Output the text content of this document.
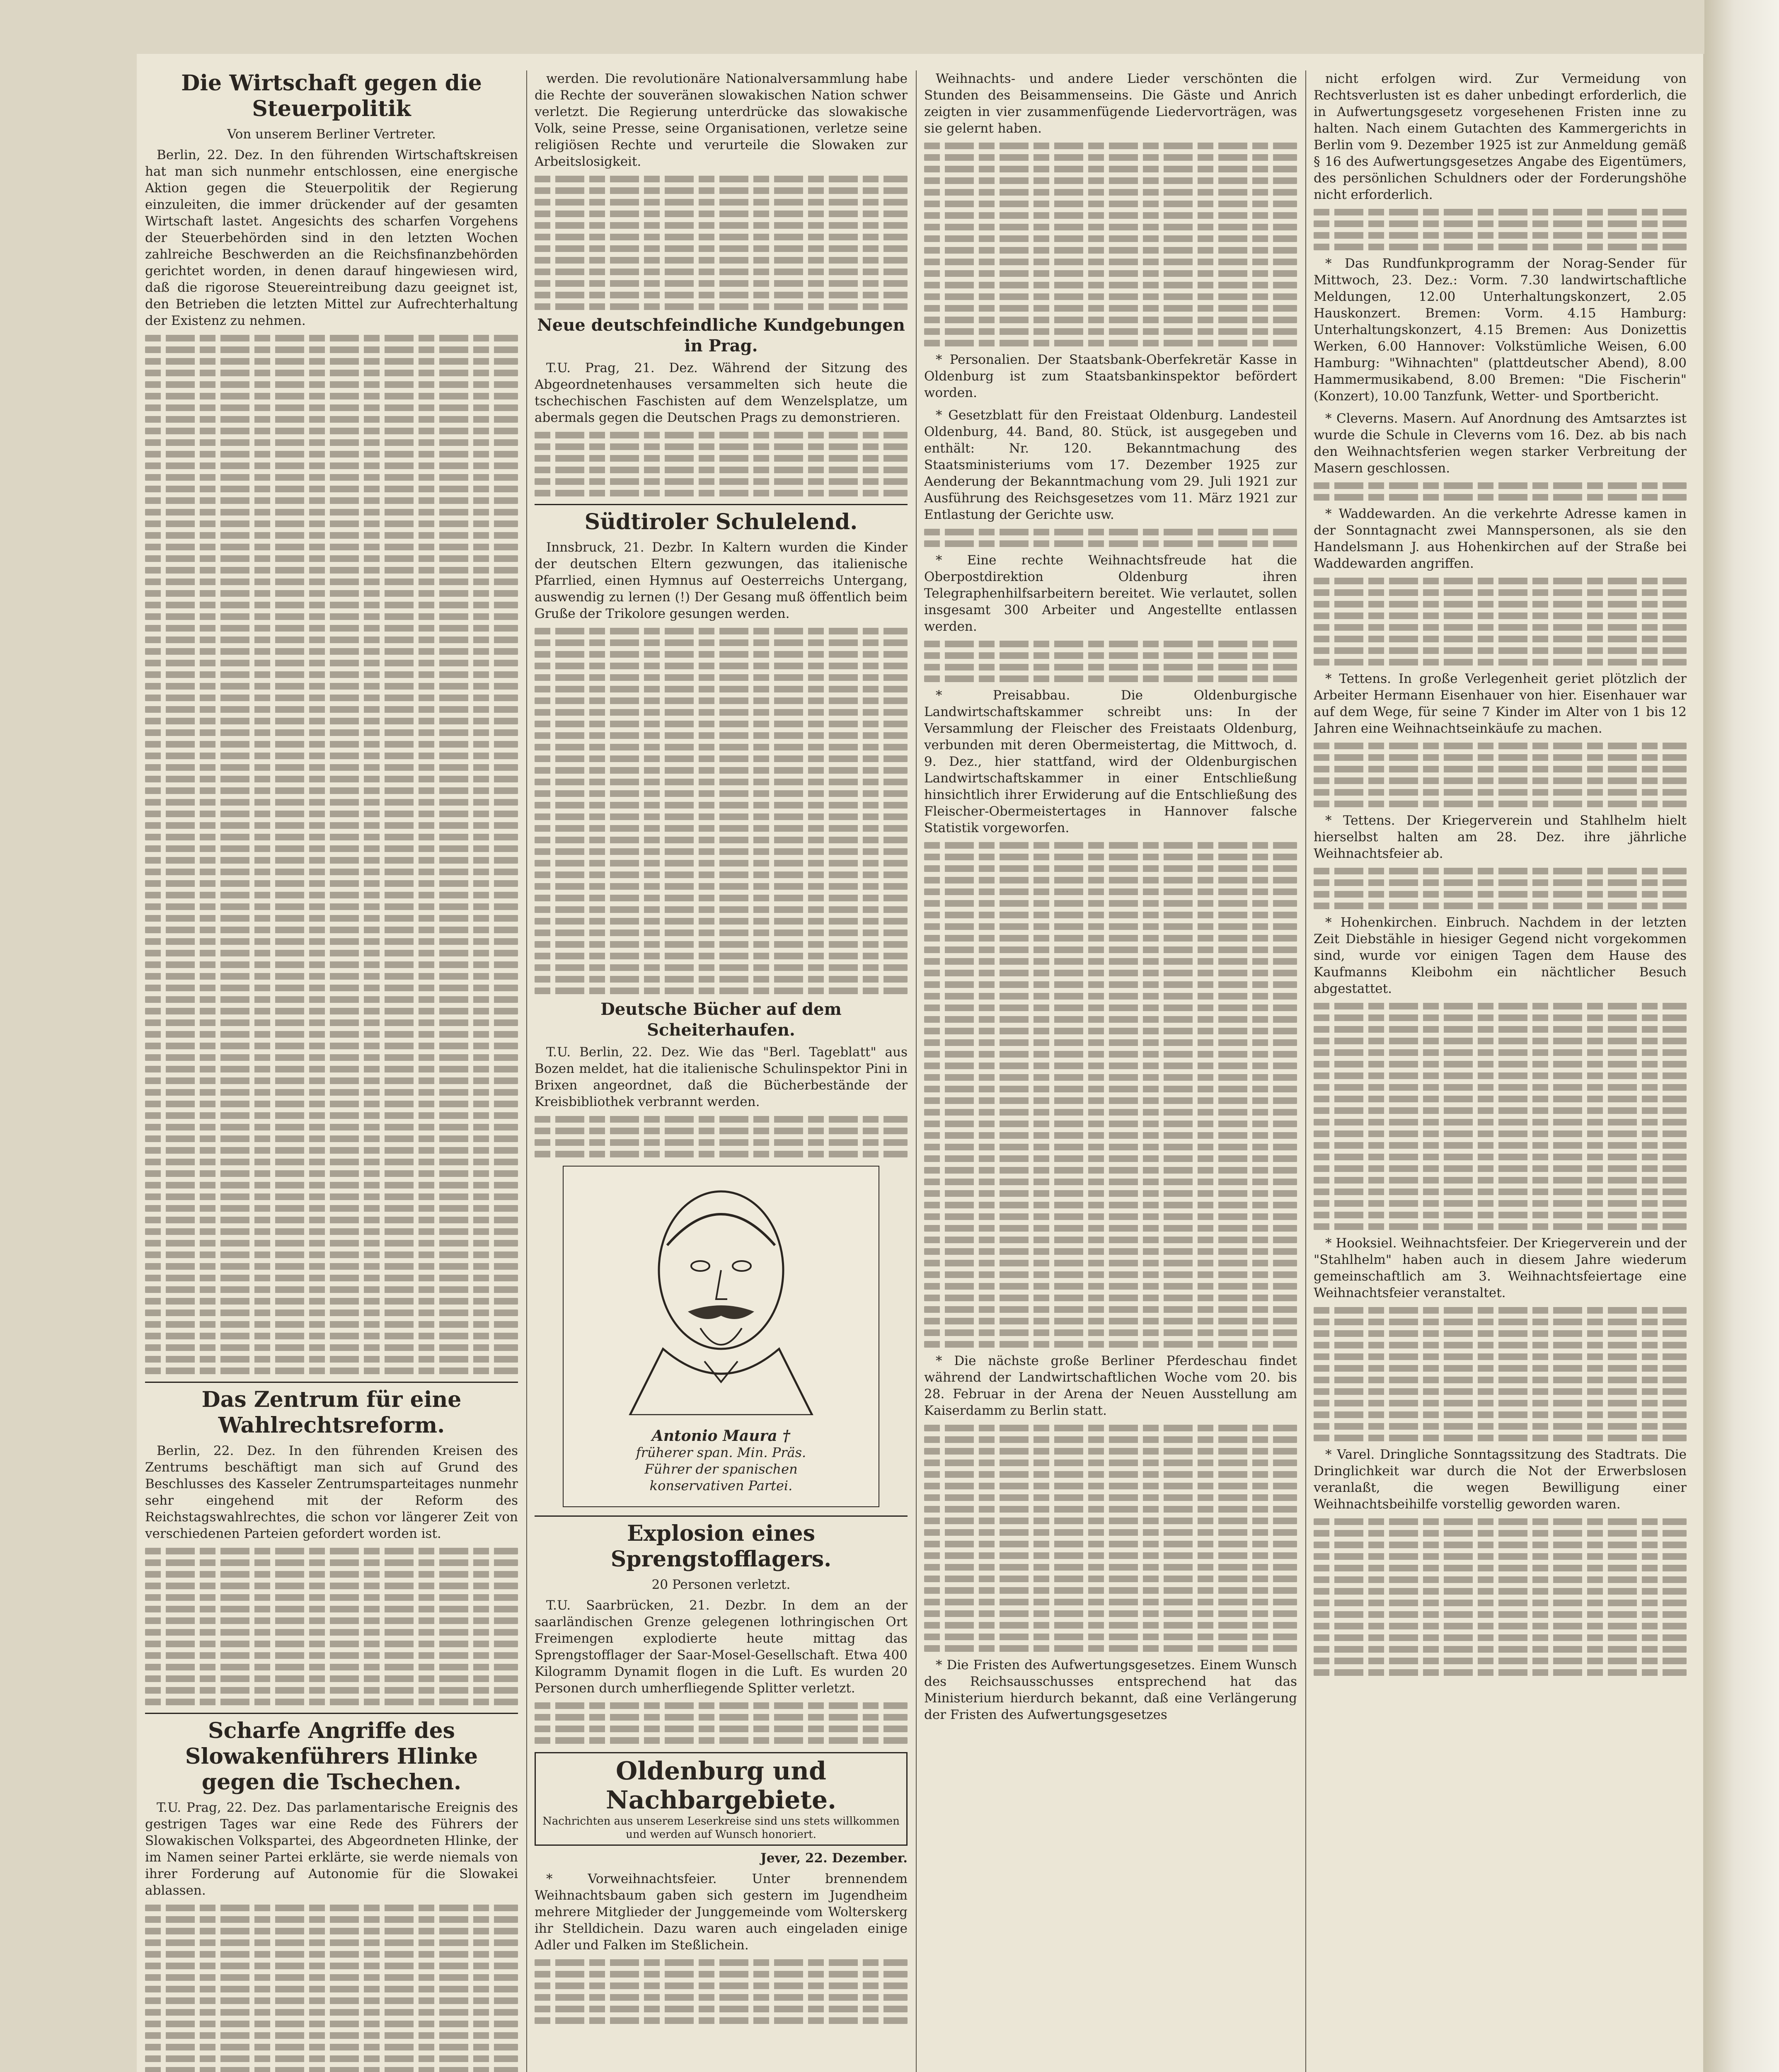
Die Wirtschaft gegen die Steuerpolitik
Von unserem Berliner Vertreter.

Berlin, 22. Dez. In den führenden Wirtschaftskreisen hat man sich nunmehr entschlossen, eine energische Aktion gegen die Steuerpolitik der Regierung einzuleiten, die immer drückender auf der gesamten Wirtschaft lastet. Angesichts des scharfen Vorgehens der Steuerbehörden sind in den letzten Wochen zahlreiche Beschwerden an die Reichsfinanzbehörden gerichtet worden, in denen darauf hingewiesen wird, daß die rigorose Steuereintreibung dazu geeignet ist, den Betrieben die letzten Mittel zur Aufrechterhaltung der Existenz zu nehmen.

Das Zentrum für eine Wahlrechtsreform.

Berlin, 22. Dez. In den führenden Kreisen des Zentrums beschäftigt man sich auf Grund des Beschlusses des Kasseler Zentrumsparteitages nunmehr sehr eingehend mit der Reform des Reichstagswahlrechtes, die schon vor längerer Zeit von verschiedenen Parteien gefordert worden ist.

Scharfe Angriffe des Slowakenführers Hlinke gegen die Tschechen.

T.U. Prag, 22. Dez. Das parlamentarische Ereignis des gestrigen Tages war eine Rede des Führers der Slowakischen Volkspartei, des Abgeordneten Hlinke, der im Namen seiner Partei erklärte, sie werde niemals von ihrer Forderung auf Autonomie für die Slowakei ablassen.

werden. Die revolutionäre Nationalversammlung habe die Rechte der souveränen slowakischen Nation schwer verletzt. Die Regierung unterdrücke das slowakische Volk, seine Presse, seine Organisationen, verletze seine religiösen Rechte und verurteile die Slowaken zur Arbeitslosigkeit.

Neue deutschfeindliche Kundgebungen in Prag.

T.U. Prag, 21. Dez. Während der Sitzung des Abgeordnetenhauses versammelten sich heute die tschechischen Faschisten auf dem Wenzelsplatze, um abermals gegen die Deutschen Prags zu demonstrieren.

Südtiroler Schulelend.

Innsbruck, 21. Dezbr. In Kaltern wurden die Kinder der deutschen Eltern gezwungen, das italienische Pfarrlied, einen Hymnus auf Oesterreichs Untergang, auswendig zu lernen (!) Der Gesang muß öffentlich beim Gruße der Trikolore gesungen werden.

Deutsche Bücher auf dem Scheiterhaufen.

T.U. Berlin, 22. Dez. Wie das "Berl. Tageblatt" aus Bozen meldet, hat die italienische Schulinspektor Pini in Brixen angeordnet, daß die Bücherbestände der Kreisbibliothek verbrannt werden.

Antonio Maura †
früherer span. Min. Präs.
Führer der spanischen
konservativen Partei.
Explosion eines Sprengstofflagers.
20 Personen verletzt.

T.U. Saarbrücken, 21. Dezbr. In dem an der saarländischen Grenze gelegenen lothringischen Ort Freimengen explodierte heute mittag das Sprengstofflager der Saar-Mosel-Gesellschaft. Etwa 400 Kilogramm Dynamit flogen in die Luft. Es wurden 20 Personen durch umherfliegende Splitter verletzt.

Oldenburg und Nachbargebiete.
Nachrichten aus unserem Leserkreise sind uns stets willkommen und werden auf Wunsch honoriert.
Jever, 22. Dezember.

* Vorweihnachtsfeier. Unter brennendem Weihnachtsbaum gaben sich gestern im Jugendheim mehrere Mitglieder der Junggemeinde vom Wolterskerg ihr Stelldichein. Dazu waren auch eingeladen einige Adler und Falken im Steßlichein.

Weihnachts- und andere Lieder verschönten die Stunden des Beisammenseins. Die Gäste und Anrich zeigten in vier zusammenfügende Liedervorträgen, was sie gelernt haben.

* Personalien. Der Staatsbank-Oberfekretär Kasse in Oldenburg ist zum Staatsbankinspektor befördert worden.

* Gesetzblatt für den Freistaat Oldenburg. Landesteil Oldenburg, 44. Band, 80. Stück, ist ausgegeben und enthält: Nr. 120. Bekanntmachung des Staatsministeriums vom 17. Dezember 1925 zur Aenderung der Bekanntmachung vom 29. Juli 1921 zur Ausführung des Reichsgesetzes vom 11. März 1921 zur Entlastung der Gerichte usw.

* Eine rechte Weihnachtsfreude hat die Oberpostdirektion Oldenburg ihren Telegraphenhilfsarbeitern bereitet. Wie verlautet, sollen insgesamt 300 Arbeiter und Angestellte entlassen werden.

* Preisabbau. Die Oldenburgische Landwirtschaftskammer schreibt uns: In der Versammlung der Fleischer des Freistaats Oldenburg, verbunden mit deren Obermeistertag, die Mittwoch, d. 9. Dez., hier stattfand, wird der Oldenburgischen Landwirtschaftskammer in einer Entschließung hinsichtlich ihrer Erwiderung auf die Entschließung des Fleischer-Obermeistertages in Hannover falsche Statistik vorgeworfen.

* Die nächste große Berliner Pferdeschau findet während der Landwirtschaftlichen Woche vom 20. bis 28. Februar in der Arena der Neuen Ausstellung am Kaiserdamm zu Berlin statt.

* Die Fristen des Aufwertungsgesetzes. Einem Wunsch des Reichsausschusses entsprechend hat das Ministerium hierdurch bekannt, daß eine Verlängerung der Fristen des Aufwertungsgesetzes

nicht erfolgen wird. Zur Vermeidung von Rechtsverlusten ist es daher unbedingt erforderlich, die in Aufwertungsgesetz vorgesehenen Fristen inne zu halten. Nach einem Gutachten des Kammergerichts in Berlin vom 9. Dezember 1925 ist zur Anmeldung gemäß § 16 des Aufwertungsgesetzes Angabe des Eigentümers, des persönlichen Schuldners oder der Forderungshöhe nicht erforderlich.

* Das Rundfunkprogramm der Norag-Sender für Mittwoch, 23. Dez.: Vorm. 7.30 landwirtschaftliche Meldungen, 12.00 Unterhaltungskonzert, 2.05 Hauskonzert. Bremen: Vorm. 4.15 Hamburg: Unterhaltungskonzert, 4.15 Bremen: Aus Donizettis Werken, 6.00 Hannover: Volkstümliche Weisen, 6.00 Hamburg: "Wihnachten" (plattdeutscher Abend), 8.00 Hammermusikabend, 8.00 Bremen: "Die Fischerin" (Konzert), 10.00 Tanzfunk, Wetter- und Sportbericht.

* Cleverns. Masern. Auf Anordnung des Amtsarztes ist wurde die Schule in Cleverns vom 16. Dez. ab bis nach den Weihnachtsferien wegen starker Verbreitung der Masern geschlossen.

* Waddewarden. An die verkehrte Adresse kamen in der Sonntagnacht zwei Mannspersonen, als sie den Handelsmann J. aus Hohenkirchen auf der Straße bei Waddewarden angriffen.

* Tettens. In große Verlegenheit geriet plötzlich der Arbeiter Hermann Eisenhauer von hier. Eisenhauer war auf dem Wege, für seine 7 Kinder im Alter von 1 bis 12 Jahren eine Weihnachtseinkäufe zu machen.

* Tettens. Der Kriegerverein und Stahlhelm hielt hierselbst halten am 28. Dez. ihre jährliche Weihnachtsfeier ab.

* Hohenkirchen. Einbruch. Nachdem in der letzten Zeit Diebstähle in hiesiger Gegend nicht vorgekommen sind, wurde vor einigen Tagen dem Hause des Kaufmanns Kleibohm ein nächtlicher Besuch abgestattet.

* Hooksiel. Weihnachtsfeier. Der Kriegerverein und der "Stahlhelm" haben auch in diesem Jahre wiederum gemeinschaftlich am 3. Weihnachtsfeiertage eine Weihnachtsfeier veranstaltet.

* Varel. Dringliche Sonntagssitzung des Stadtrats. Die Dringlichkeit war durch die Not der Erwerbslosen veranlaßt, die wegen Bewilligung einer Weihnachtsbeihilfe vorstellig geworden waren.
